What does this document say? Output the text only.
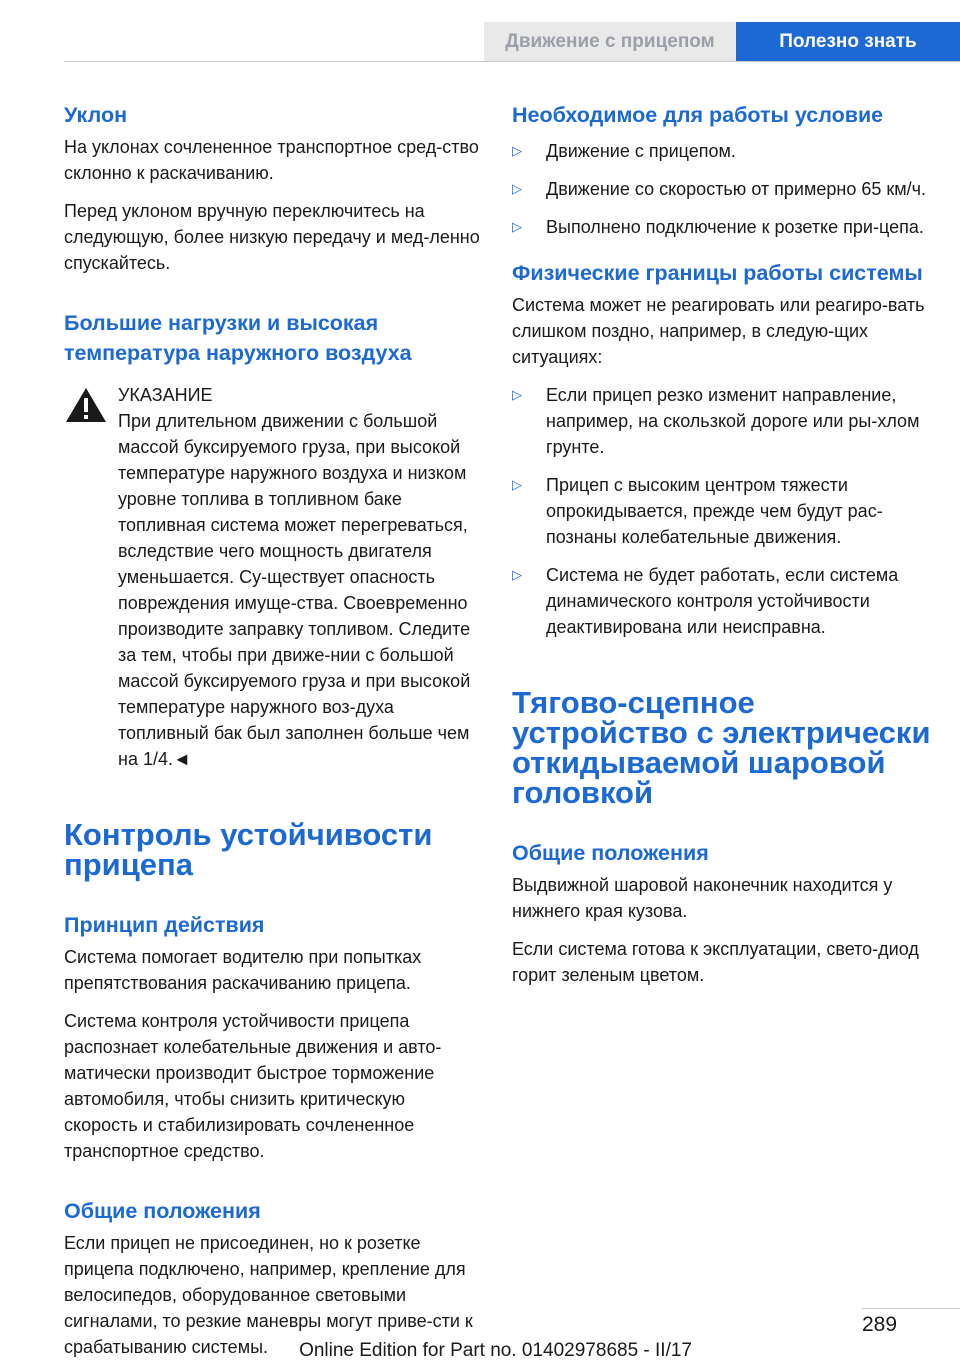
Движение с прицепом	Полезно знать
Уклон

На уклонах сочлененное транспортное сред-ство склонно к раскачиванию.

Перед уклоном вручную переключитесь на следующую, более низкую передачу и мед-ленно спускайтесь.

Большие нагрузки и высокая температура наружного воздуха
УКАЗАНИЕ
При длительном движении с большой массой буксируемого груза, при высокой температуре наружного воздуха и низком уровне топлива в топливном баке топливная система может перегреваться, вследствие чего мощность двигателя уменьшается. Су-ществует опасность повреждения имуще-ства. Своевременно производите заправку топливом. Следите за тем, чтобы при движе-нии с большой массой буксируемого груза и при высокой температуре наружного воз-духа топливный бак был заполнен больше чем на 1/4.◄
Контроль устойчивости прицепа
Принцип действия

Система помогает водителю при попытках препятствования раскачиванию прицепа.

Система контроля устойчивости прицепа распознает колебательные движения и авто-матически производит быстрое торможение автомобиля, чтобы снизить критическую скорость и стабилизировать сочлененное транспортное средство.

Общие положения

Если прицеп не присоединен, но к розетке прицепа подключено, например, крепление для велосипедов, оборудованное световыми сигналами, то резкие маневры могут приве-сти к срабатыванию системы.

Необходимое для работы условие
▷ Движение с прицепом.
▷ Движение со скоростью от примерно 65 км/ч.
▷ Выполнено подключение к розетке при-цепа.
Физические границы работы системы

Система может не реагировать или реагиро-вать слишком поздно, например, в следую-щих ситуациях:

▷ Если прицеп резко изменит направление, например, на скользкой дороге или ры-хлом грунте.
▷ Прицеп с высоким центром тяжести опрокидывается, прежде чем будут рас-познаны колебательные движения.
▷ Система не будет работать, если система динамического контроля устойчивости деактивирована или неисправна.
Тягово-сцепное устройство с электрически откидываемой шаровой головкой
Общие положения

Выдвижной шаровой наконечник находится у нижнего края кузова.

Если система готова к эксплуатации, свето-диод горит зеленым цветом.

289
Online Edition for Part no. 01402978685 - II/17
